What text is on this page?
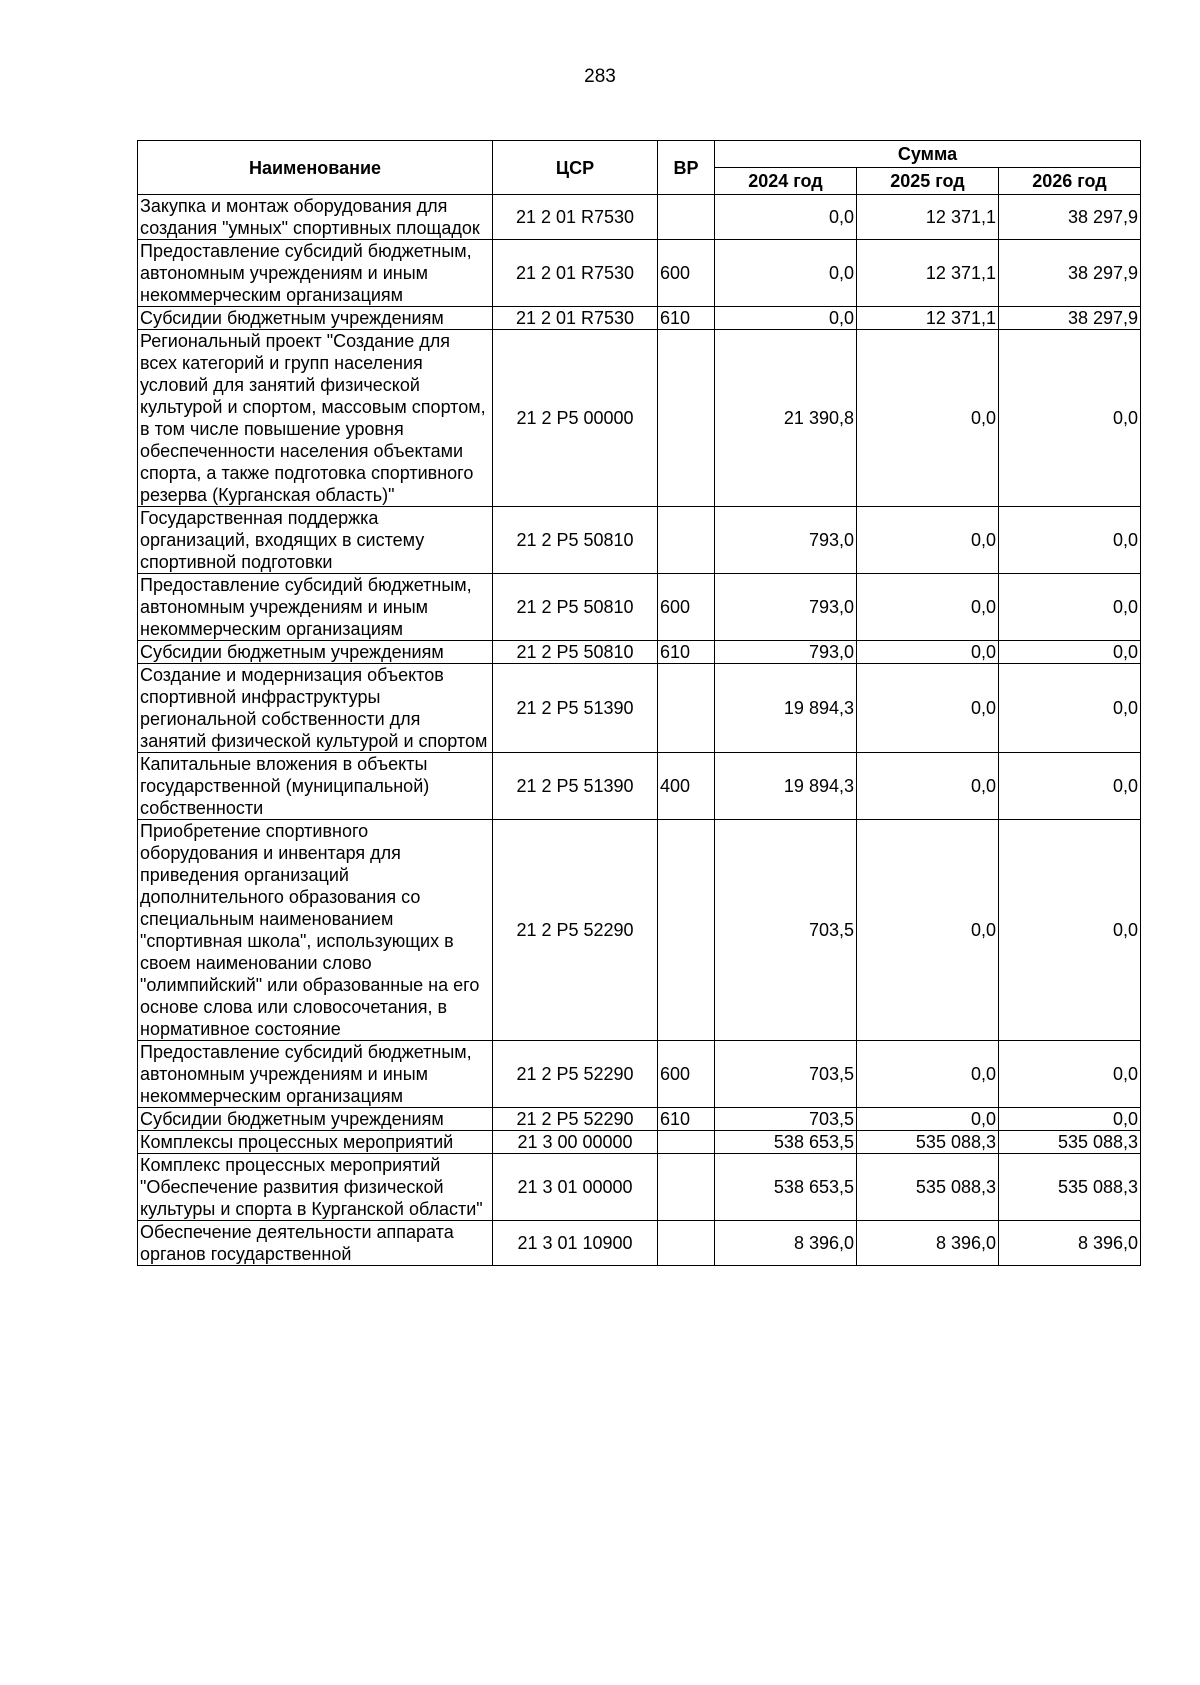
283
Наименование	ЦСР	ВР	Сумма		
			2024 год	2025 год	2026 год
Закупка и монтаж оборудования для создания "умных" спортивных площадок	21 2 01 R7530		0,0	12 371,1	38 297,9
Предоставление субсидий бюджетным, автономным учреждениям и иным некоммерческим организациям	21 2 01 R7530	600	0,0	12 371,1	38 297,9
Субсидии бюджетным учреждениям	21 2 01 R7530	610	0,0	12 371,1	38 297,9
Региональный проект "Создание для всех категорий и групп населения условий для занятий физической культурой и спортом, массовым спортом, в том числе повышение уровня обеспеченности населения объектами спорта, а также подготовка спортивного резерва (Курганская область)"	21 2 P5 00000		21 390,8	0,0	0,0
Государственная поддержка организаций, входящих в систему спортивной подготовки	21 2 P5 50810		793,0	0,0	0,0
Предоставление субсидий бюджетным, автономным учреждениям и иным некоммерческим организациям	21 2 P5 50810	600	793,0	0,0	0,0
Субсидии бюджетным учреждениям	21 2 P5 50810	610	793,0	0,0	0,0
Создание и модернизация объектов спортивной инфраструктуры региональной собственности для занятий физической культурой и спортом	21 2 P5 51390		19 894,3	0,0	0,0
Капитальные вложения в объекты государственной (муниципальной) собственности	21 2 P5 51390	400	19 894,3	0,0	0,0
Приобретение спортивного оборудования и инвентаря для приведения организаций дополнительного образования со специальным наименованием "спортивная школа", использующих в своем наименовании слово "олимпийский" или образованные на его основе слова или словосочетания, в нормативное состояние	21 2 P5 52290		703,5	0,0	0,0
Предоставление субсидий бюджетным, автономным учреждениям и иным некоммерческим организациям	21 2 P5 52290	600	703,5	0,0	0,0
Субсидии бюджетным учреждениям	21 2 P5 52290	610	703,5	0,0	0,0
Комплексы процессных мероприятий	21 3 00 00000		538 653,5	535 088,3	535 088,3
Комплекс процессных мероприятий "Обеспечение развития физической культуры и спорта в Курганской области"	21 3 01 00000		538 653,5	535 088,3	535 088,3
Обеспечение деятельности аппарата органов государственной	21 3 01 10900		8 396,0	8 396,0	8 396,0
